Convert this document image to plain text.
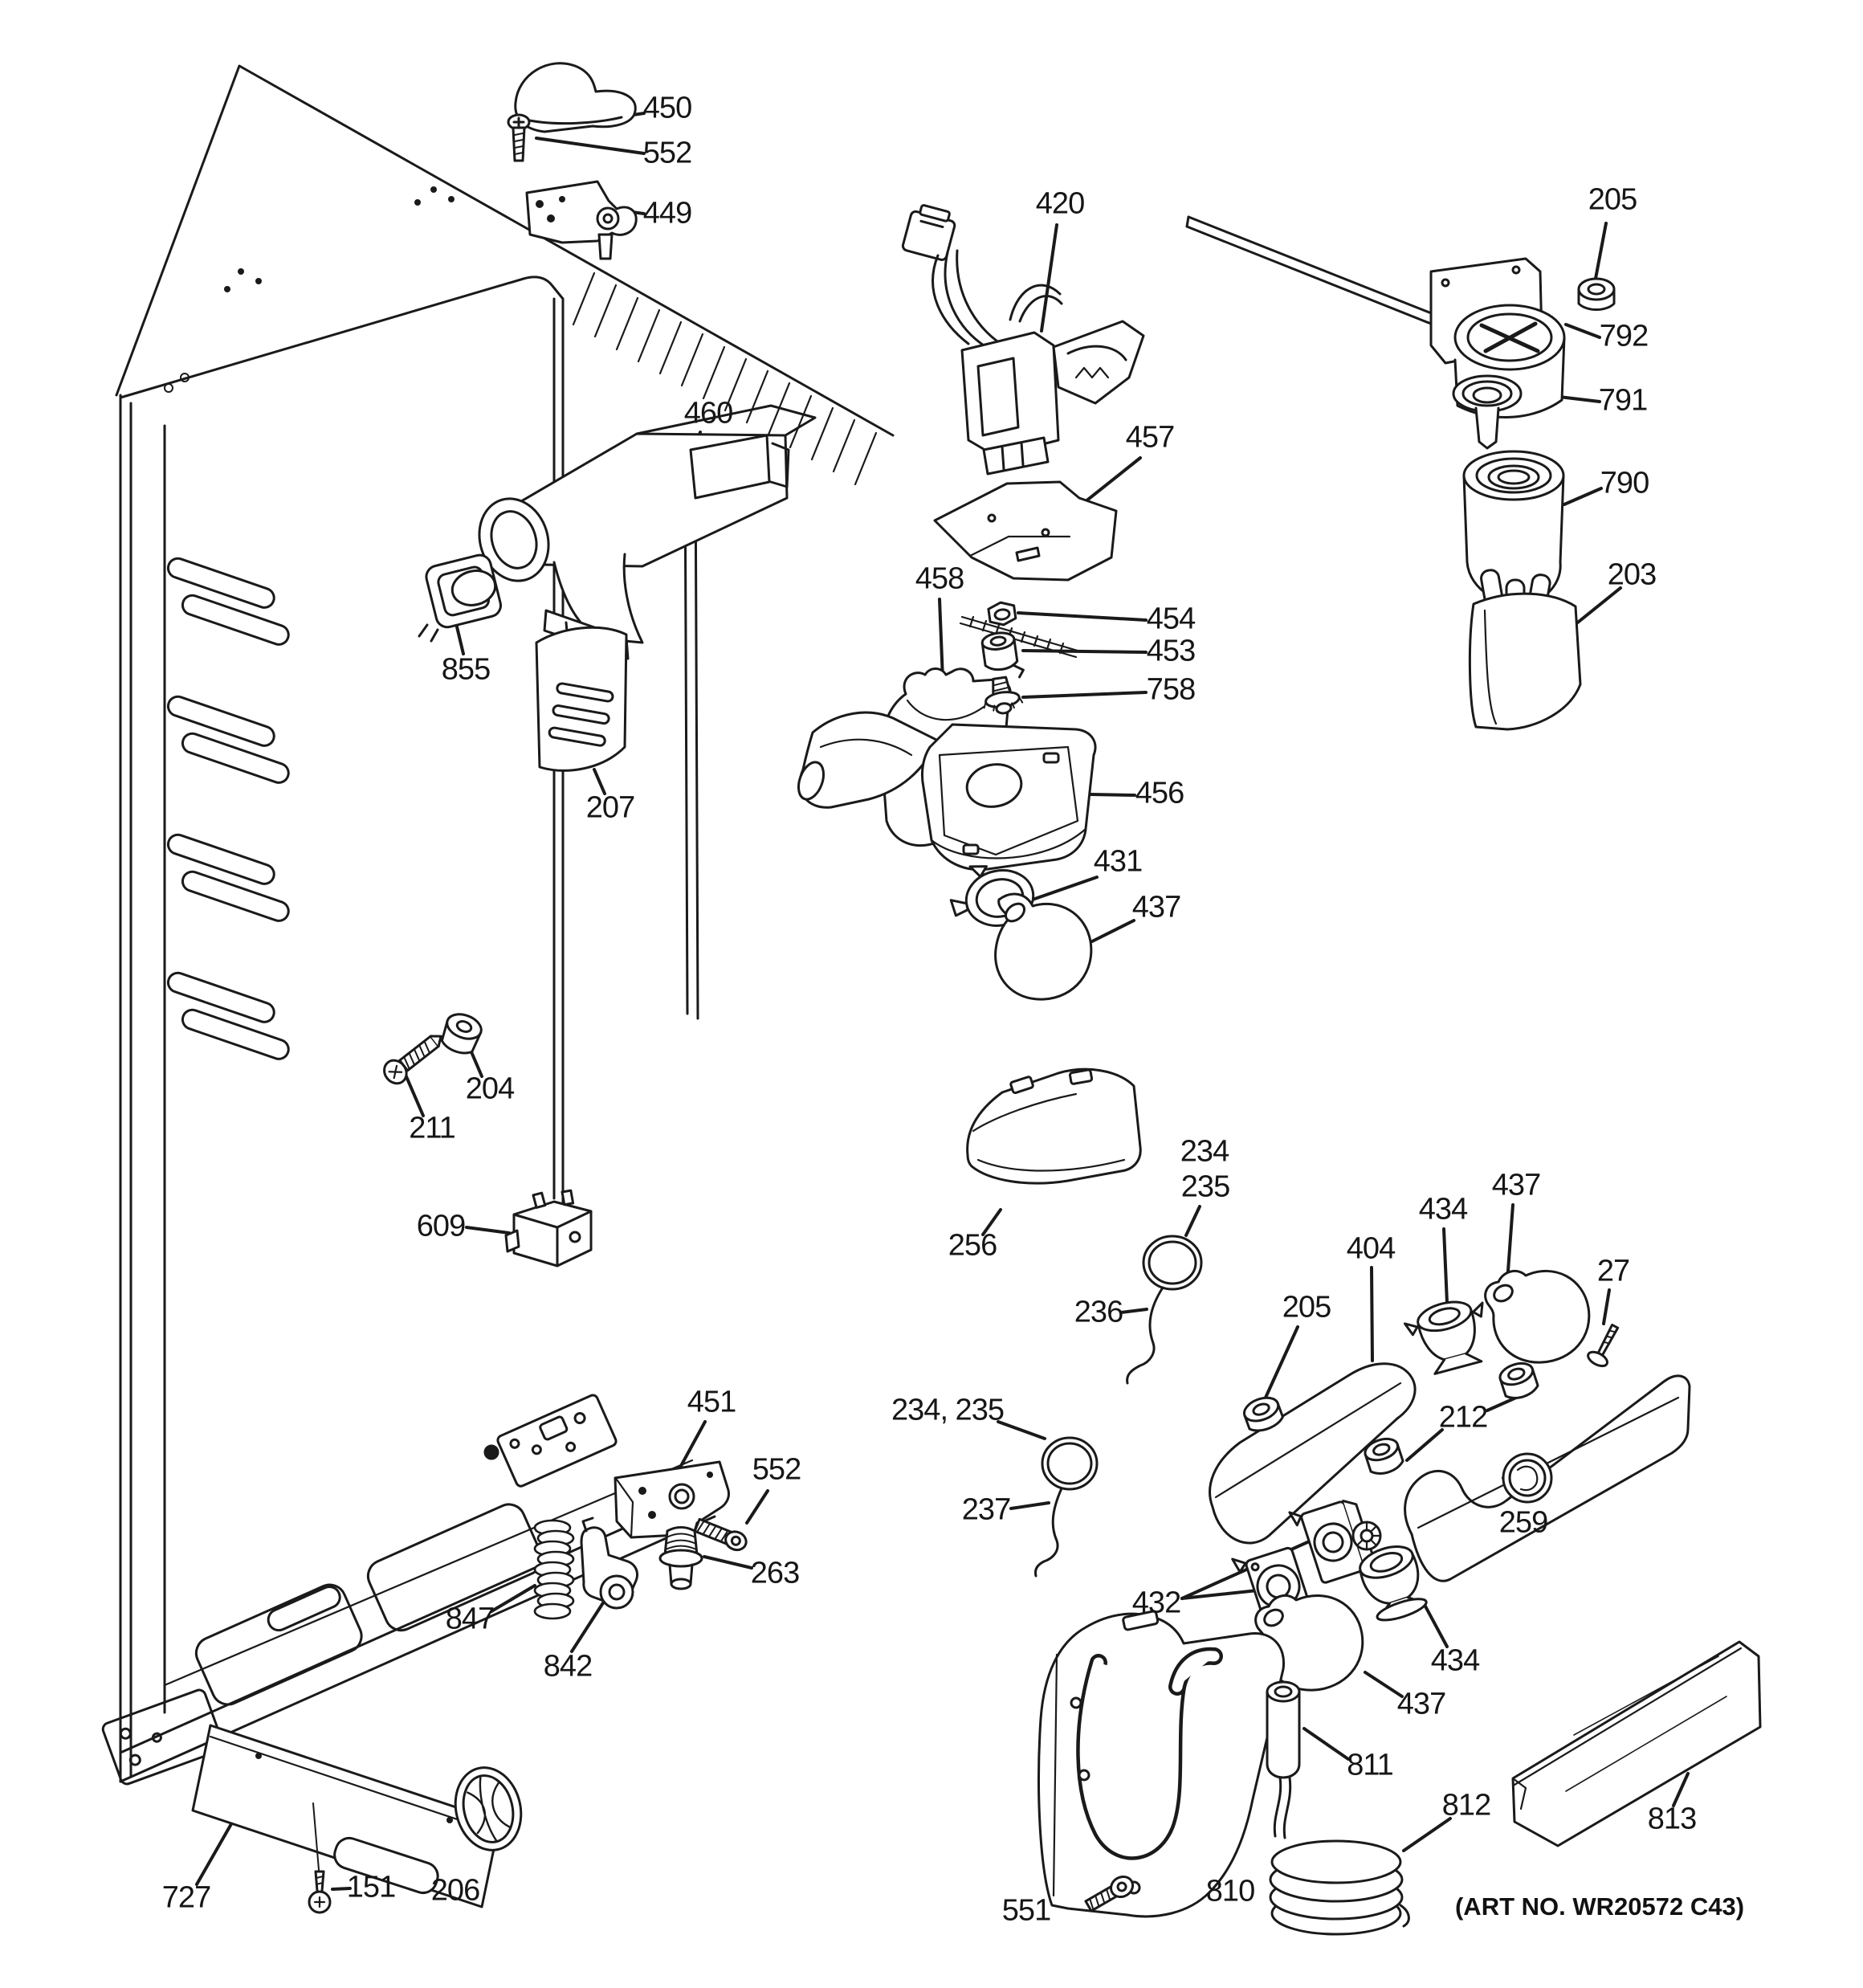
450
552
449	420	205
792
791
790
203
460
457
458
454
453
758
855
456
207
431
437
204
211
609
256
234
235
236	205
404
434
437
27
212
234, 235
237
432
259
434
437
451
552
263
847
842
811
812	813
810
551
727	151 206	(ART NO. WR20572 C43)
